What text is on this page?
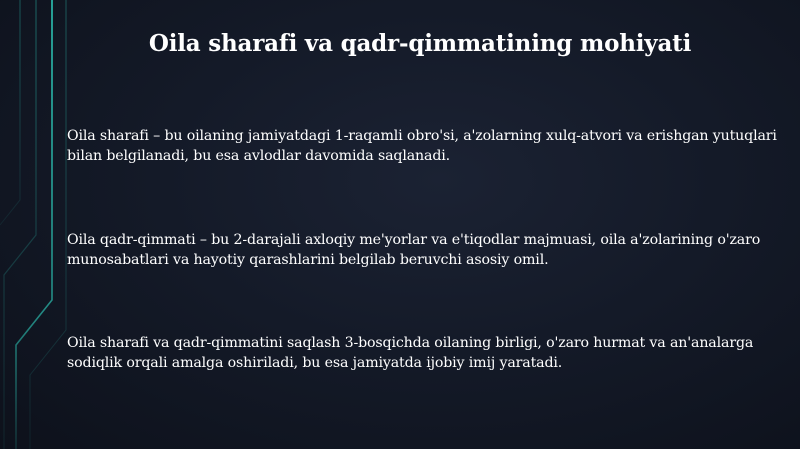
Oila sharafi va qadr-qimmatining mohiyati
Oila sharafi – bu oilaning jamiyatdagi 1-raqamli obro'si, a'zolarning xulq-atvori va erishgan yutuqlari bilan belgilanadi, bu esa avlodlar davomida saqlanadi.
Oila qadr-qimmati – bu 2-darajali axloqiy me'yorlar va e'tiqodlar majmuasi, oila a'zolarining o'zaro munosabatlari va hayotiy qarashlarini belgilab beruvchi asosiy omil.
Oila sharafi va qadr-qimmatini saqlash 3-bosqichda oilaning birligi, o'zaro hurmat va an'analarga sodiqlik orqali amalga oshiriladi, bu esa jamiyatda ijobiy imij yaratadi.
